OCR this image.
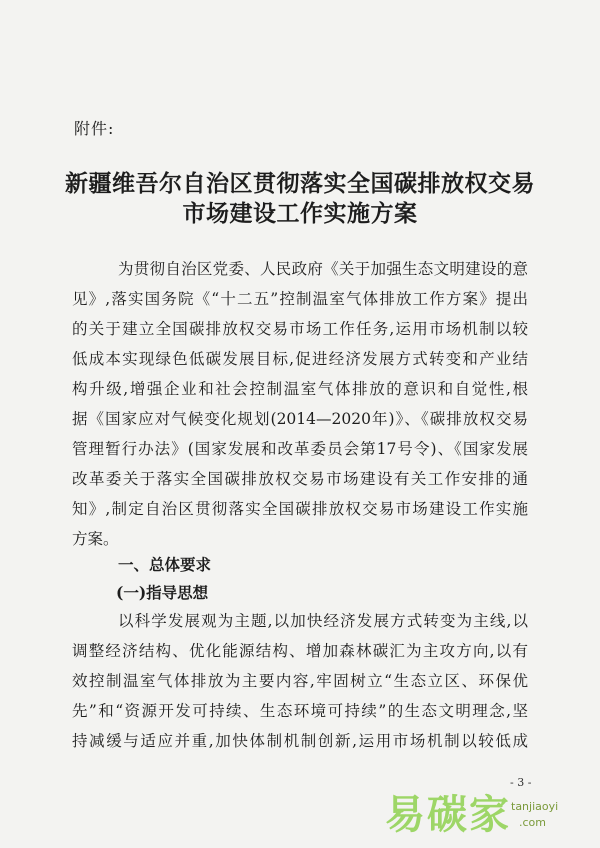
附件:
新疆维吾尔自治区贯彻落实全国碳排放权交易
市场建设工作实施方案
为贯彻自治区党委、人民政府《关于加强生态文明建设的意
见》,落实国务院《“十二五”控制温室气体排放工作方案》提出
的关于建立全国碳排放权交易市场工作任务,运用市场机制以较
低成本实现绿色低碳发展目标,促进经济发展方式转变和产业结
构升级,增强企业和社会控制温室气体排放的意识和自觉性,根
据《国家应对气候变化规划(2014—2020年)》、《碳排放权交易
管理暂行办法》(国家发展和改革委员会第17号令)、《国家发展
改革委关于落实全国碳排放权交易市场建设有关工作安排的通
知》,制定自治区贯彻落实全国碳排放权交易市场建设工作实施
方案。
一、总体要求
(一)指导思想
以科学发展观为主题,以加快经济发展方式转变为主线,以
调整经济结构、优化能源结构、增加森林碳汇为主攻方向,以有
效控制温室气体排放为主要内容,牢固树立“生态立区、环保优
先”和“资源开发可持续、生态环境可持续”的生态文明理念,坚
持减缓与适应并重,加快体制机制创新,运用市场机制以较低成
- 3 -
易碳家 tanjiaoyi
.com
